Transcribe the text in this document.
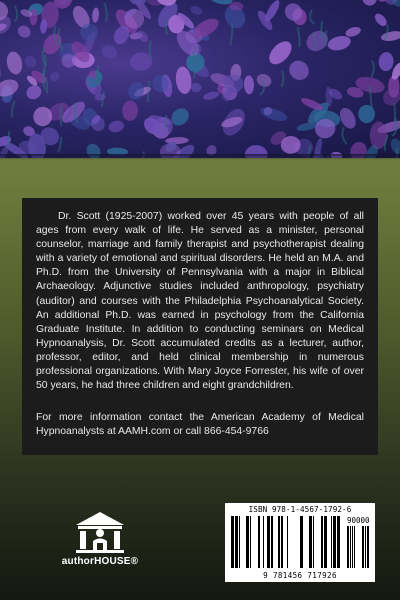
Dr. Scott (1925-2007) worked over 45 years with people of all ages from every walk of life. He served as a minister, personal counselor, marriage and family therapist and psychotherapist dealing with a variety of emotional and spiritual disorders. He held an M.A. and Ph.D. from the University of Pennsylvania with a major in Biblical Archaeology. Adjunctive studies included anthropology, psychiatry (auditor) and courses with the Philadelphia Psychoanalytical Society. An additional Ph.D. was earned in psychology from the California Graduate Institute. In addition to conducting seminars on Medical Hypnoanalysis, Dr. Scott accumulated credits as a lecturer, author, professor, editor, and held clinical membership in numerous professional organizations. With Mary Joyce Forrester, his wife of over 50 years, he had three children and eight grandchildren.

For more information contact the American Academy of Medical Hypnoanalysts at AAMH.com or call 866-454-9766

authorHOUSE®
ISBN 978-1-4567-1792-6
90000
9 781456 717926
